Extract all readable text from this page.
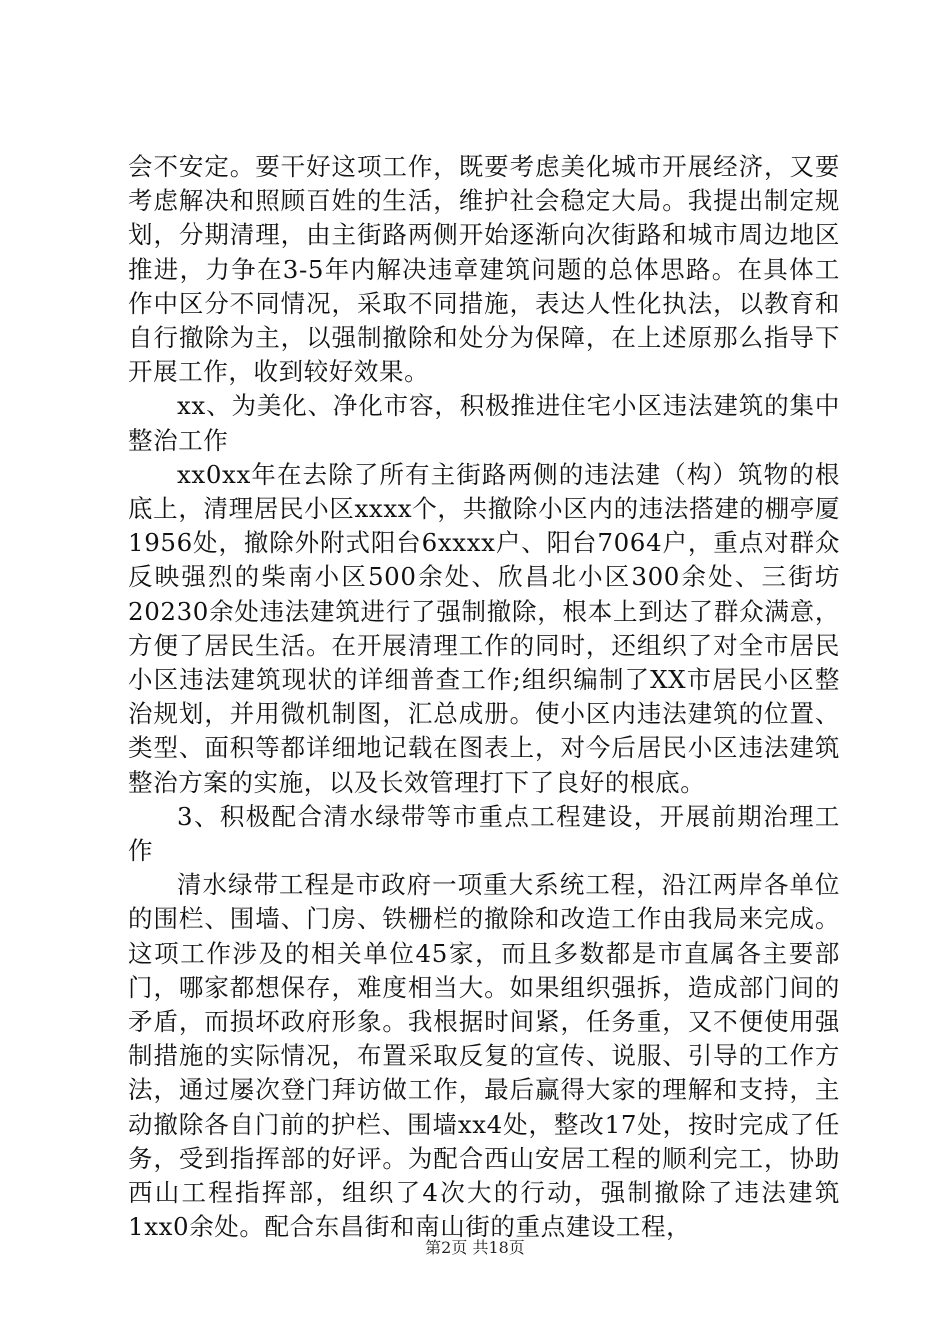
会不安定。要干好这项工作，既要考虑美化城市开展经济，又要考虑解决和照顾百姓的生活，维护社会稳定大局。我提出制定规划，分期清理，由主街路两侧开始逐渐向次街路和城市周边地区推进，力争在3-5年内解决违章建筑问题的总体思路。在具体工作中区分不同情况，采取不同措施，表达人性化执法，以教育和自行撤除为主，以强制撤除和处分为保障，在上述原那么指导下开展工作，收到较好效果。

xx、为美化、净化市容，积极推进住宅小区违法建筑的集中整治工作

xx0xx年在去除了所有主街路两侧的违法建（构）筑物的根底上，清理居民小区xxxx个，共撤除小区内的违法搭建的棚亭厦1956处，撤除外附式阳台6xxxx户、阳台7064户，重点对群众反映强烈的柴南小区500余处、欣昌北小区300余处、三街坊20230余处违法建筑进行了强制撤除，根本上到达了群众满意，方便了居民生活。在开展清理工作的同时，还组织了对全市居民小区违法建筑现状的详细普查工作;组织编制了XX市居民小区整治规划，并用微机制图，汇总成册。使小区内违法建筑的位置、类型、面积等都详细地记载在图表上，对今后居民小区违法建筑整治方案的实施，以及长效管理打下了良好的根底。

3、积极配合清水绿带等市重点工程建设，开展前期治理工作

清水绿带工程是市政府一项重大系统工程，沿江两岸各单位的围栏、围墙、门房、铁栅栏的撤除和改造工作由我局来完成。这项工作涉及的相关单位45家，而且多数都是市直属各主要部门，哪家都想保存，难度相当大。如果组织强拆，造成部门间的矛盾，而损坏政府形象。我根据时间紧，任务重，又不便使用强制措施的实际情况，布置采取反复的宣传、说服、引导的工作方法，通过屡次登门拜访做工作，最后赢得大家的理解和支持，主动撤除各自门前的护栏、围墙xx4处，整改17处，按时完成了任务，受到指挥部的好评。为配合西山安居工程的顺利完工，协助西山工程指挥部，组织了4次大的行动，强制撤除了违法建筑1xx0余处。配合东昌街和南山街的重点建设工程，

第2页 共18页
